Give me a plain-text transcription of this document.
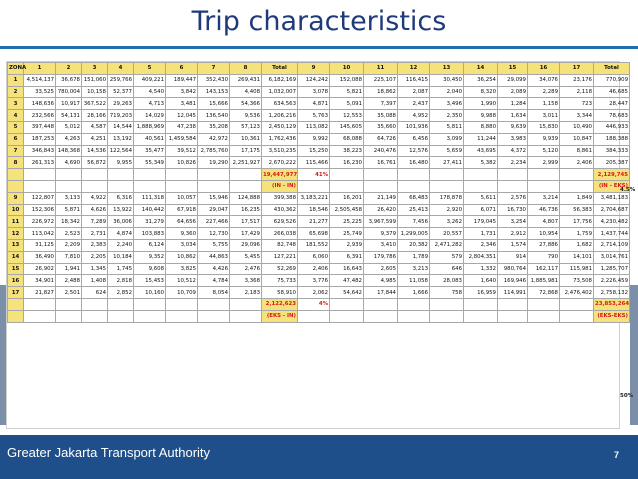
Trip characteristics
ZONA	1	2	3	4	5	6	7	8	Total	9	10	11	12	13	14	15	16	17	Total
1	4,514,137	36,678	151,060	259,766	409,221	189,447	352,430	269,431	6,182,169	124,242	152,088	225,107	116,415	30,450	36,254	29,099	34,076	23,176	770,909
2	33,525	780,004	10,158	52,377	4,540	3,842	143,153	4,408	1,032,007	3,078	5,821	18,862	2,087	2,040	8,320	2,089	2,289	2,118	46,685
3	148,636	10,917	367,522	29,263	4,713	3,481	15,666	54,366	634,563	4,871	5,091	7,397	2,437	3,496	1,990	1,284	1,158	723	28,447
4	232,566	54,131	28,166	719,203	14,029	12,045	136,540	9,536	1,206,216	5,763	12,553	35,088	4,952	2,350	9,988	1,634	3,011	3,344	78,683
5	397,448	5,012	4,587	14,544	1,888,969	47,238	35,208	57,123	2,450,129	113,082	145,605	35,660	101,936	5,811	8,880	9,639	15,830	10,490	446,933
6	187,253	4,263	4,251	13,192	40,561	1,459,584	42,972	10,361	1,762,436	9,992	68,088	64,726	6,456	3,099	11,244	3,983	9,939	10,847	188,388
7	346,843	148,368	14,536	122,564	35,477	39,512	2,785,760	17,175	3,510,235	15,250	38,223	240,476	12,576	5,659	43,695	4,372	5,120	8,861	384,333
8	261,313	4,690	56,872	9,955	55,349	10,826	19,290	2,251,927	2,670,222	115,466	16,230	16,761	16,480	27,411	5,382	2,234	2,999	2,406	205,387
									19,447,977	41%									2,129,745
									(IN - IN)										(IN - EKS)
9	122,807	3,133	4,922	6,316	111,318	10,057	15,946	124,888	399,388	3,183,221	16,201	21,149	68,483	178,878	5,611	2,576	3,214	1,849	3,481,183
10	152,306	5,871	4,626	13,922	140,442	67,918	29,047	16,235	430,362	18,546	2,505,458	26,420	25,413	2,920	6,071	16,730	46,736	56,383	2,704,687
11	226,972	18,342	7,289	36,006	31,279	64,656	227,466	17,517	629,526	21,277	25,225	3,967,599	7,456	3,262	179,045	3,254	4,807	17,756	4,230,482
12	113,042	2,523	2,731	4,874	103,883	9,360	12,730	17,429	266,038	65,698	25,749	9,379	1,299,005	20,557	1,731	2,912	10,954	1,759	1,437,744
13	31,125	2,209	2,383	2,240	6,124	3,034	5,755	29,096	82,748	181,552	2,939	3,410	20,382	2,471,282	2,346	1,574	27,886	1,682	2,714,109
14	36,490	7,810	2,205	10,184	9,352	10,862	44,863	5,455	127,221	6,060	6,391	179,786	1,789	579	2,804,351	914	790	14,101	3,014,761
15	26,902	1,941	1,345	1,745	9,608	3,825	4,426	2,476	52,269	2,406	16,643	2,605	3,213	646	1,332	980,764	162,117	115,981	1,285,707
16	34,901	2,488	1,408	2,818	15,453	10,512	4,784	3,368	75,733	3,776	47,482	4,985	11,058	28,083	1,640	169,946	1,885,981	73,508	2,226,459
17	21,827	2,501	624	2,852	10,160	10,709	8,054	2,183	58,910	2,062	54,642	17,844	1,666	758	16,959	114,991	72,868	2,476,402	2,758,132
									2,122,623	4%									23,853,264
									(EKS - IN)										(EKS-EKS)
4.5%
50%
Greater Jakarta Transport Authority	7
